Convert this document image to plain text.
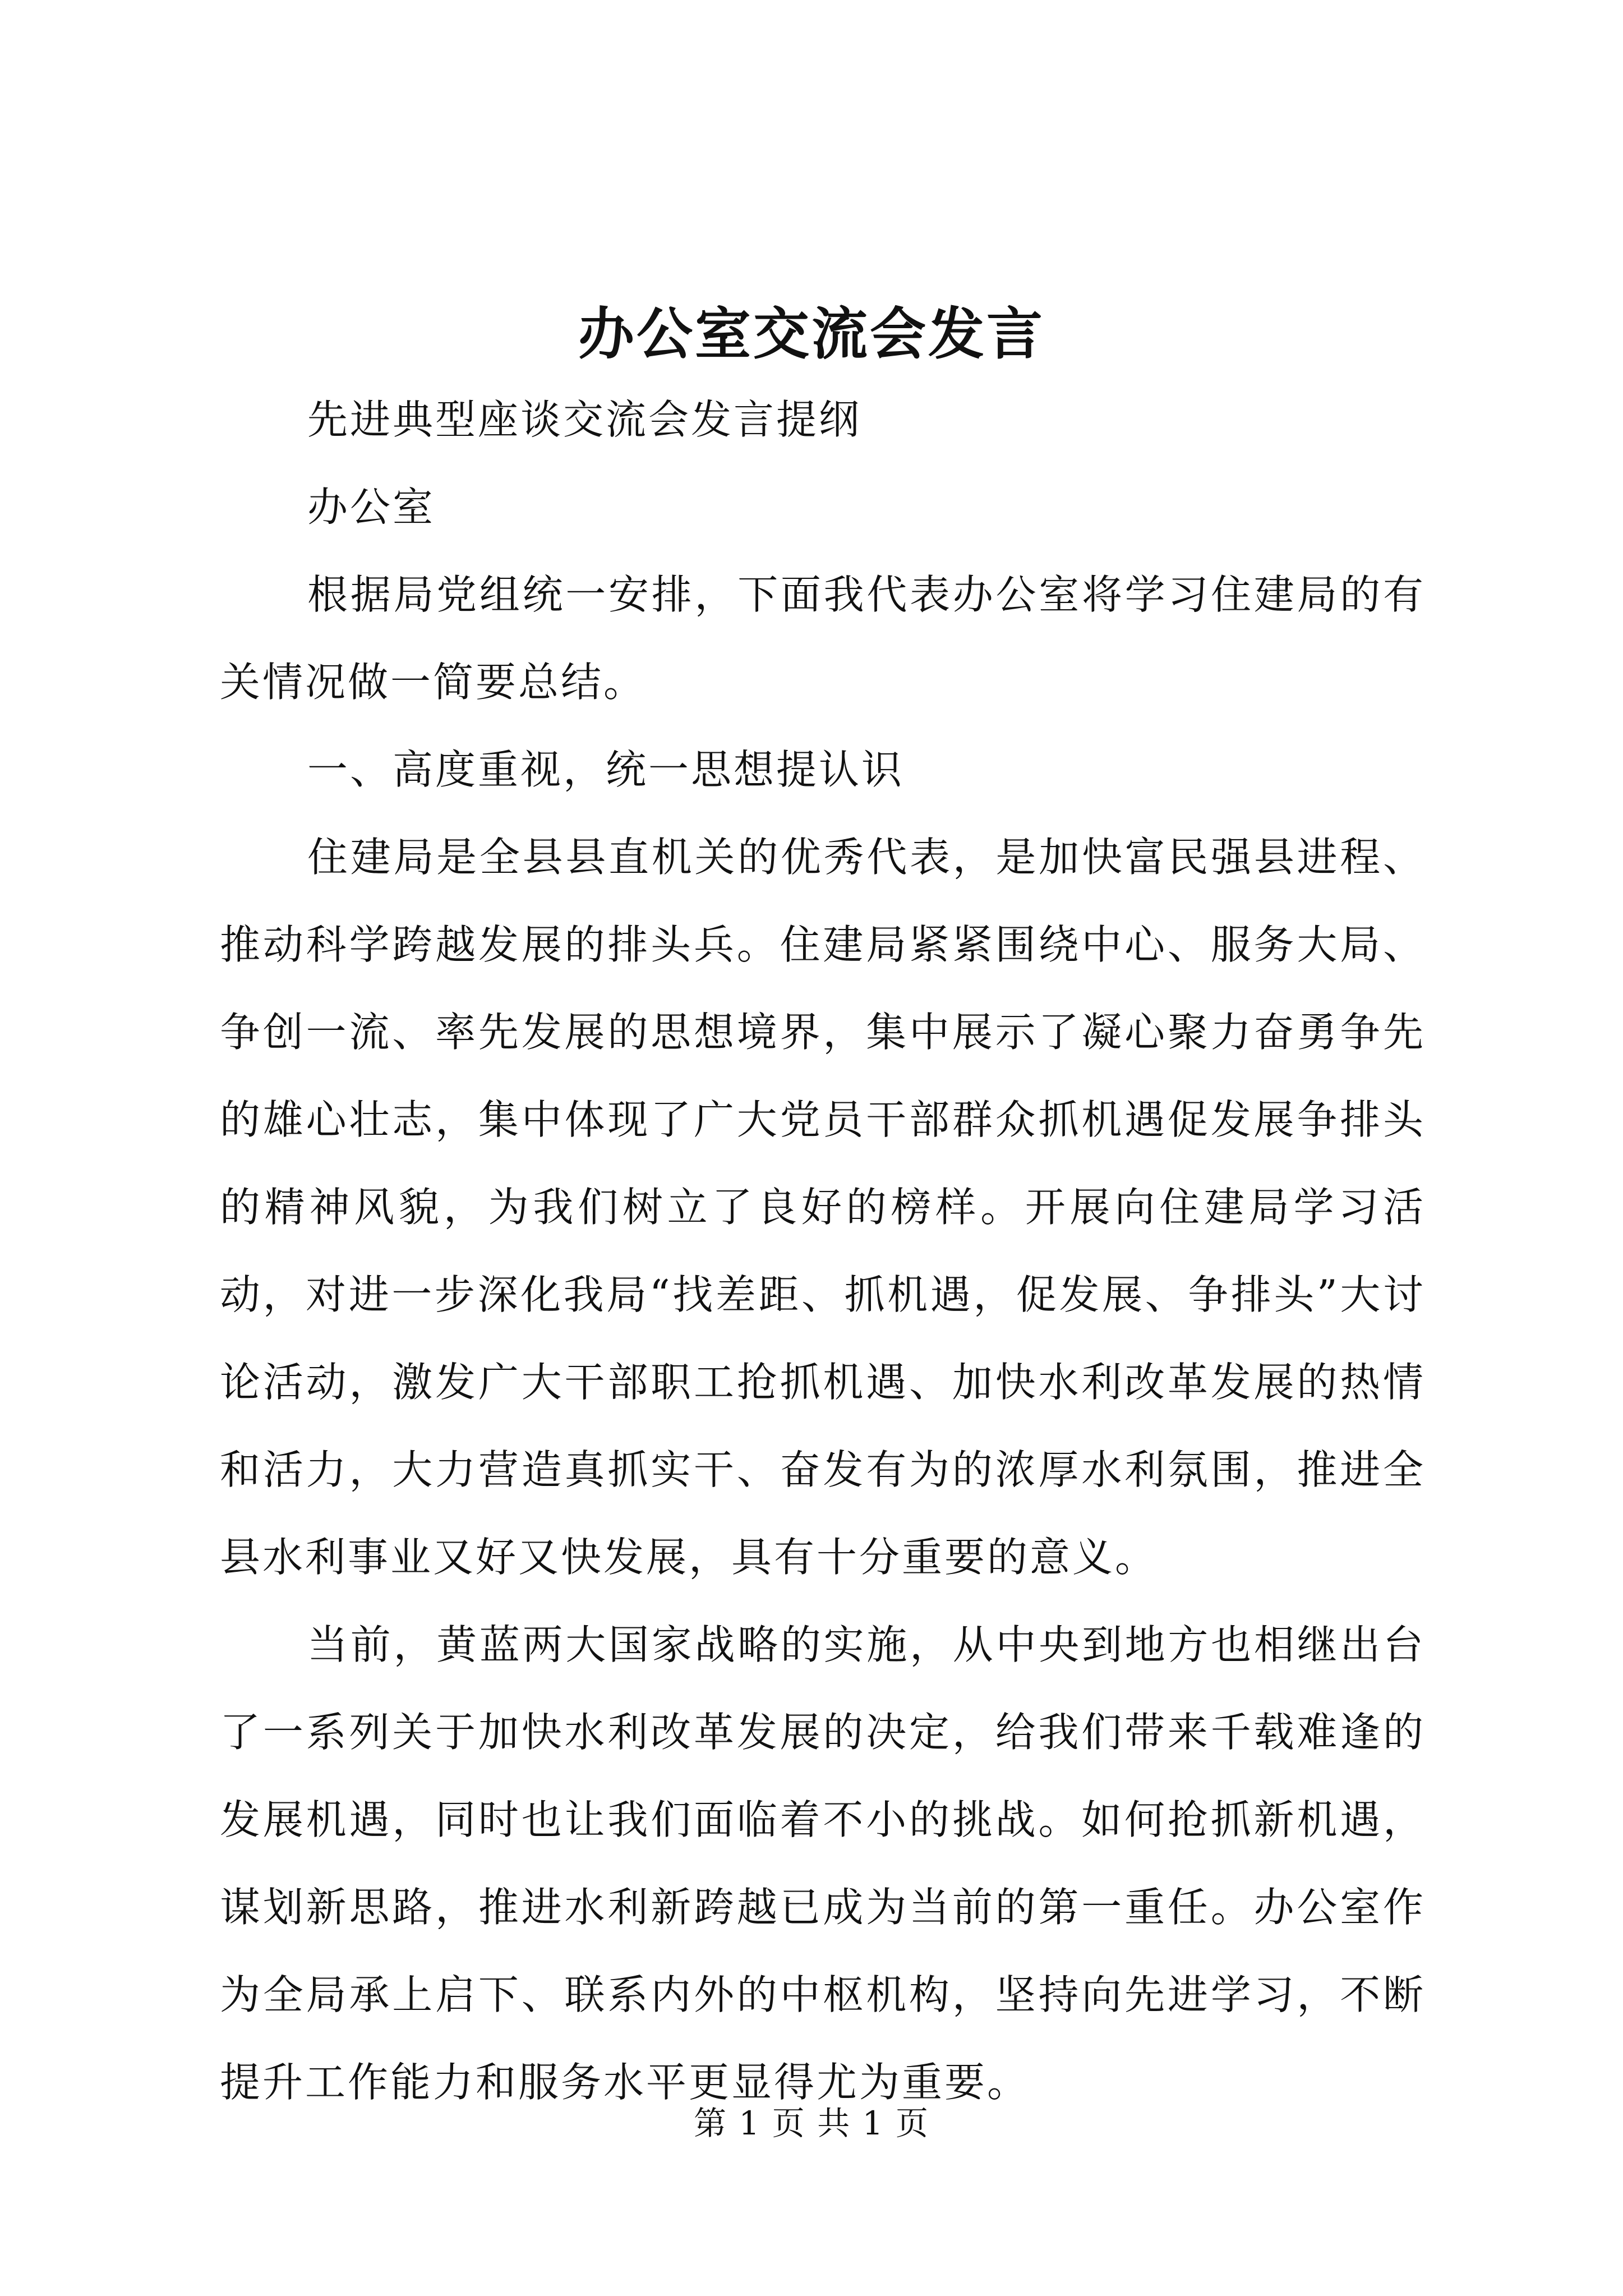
办公室交流会发言

先进典型座谈交流会发言提纲

办公室

根据局党组统一安排，下面我代表办公室将学习住建局的有关情况做一简要总结。

一、高度重视，统一思想提认识

住建局是全县县直机关的优秀代表，是加快富民强县进程、推动科学跨越发展的排头兵。住建局紧紧围绕中心、服务大局、争创一流、率先发展的思想境界，集中展示了凝心聚力奋勇争先的雄心壮志，集中体现了广大党员干部群众抓机遇促发展争排头的精神风貌，为我们树立了良好的榜样。开展向住建局学习活动，对进一步深化我局“找差距、抓机遇，促发展、争排头”大讨论活动，激发广大干部职工抢抓机遇、加快水利改革发展的热情和活力，大力营造真抓实干、奋发有为的浓厚水利氛围，推进全县水利事业又好又快发展，具有十分重要的意义。

当前，黄蓝两大国家战略的实施，从中央到地方也相继出台了一系列关于加快水利改革发展的决定，给我们带来千载难逢的发展机遇，同时也让我们面临着不小的挑战。如何抢抓新机遇，谋划新思路，推进水利新跨越已成为当前的第一重任。办公室作为全局承上启下、联系内外的中枢机构，坚持向先进学习，不断提升工作能力和服务水平更显得尤为重要。

第 1 页 共 1 页
